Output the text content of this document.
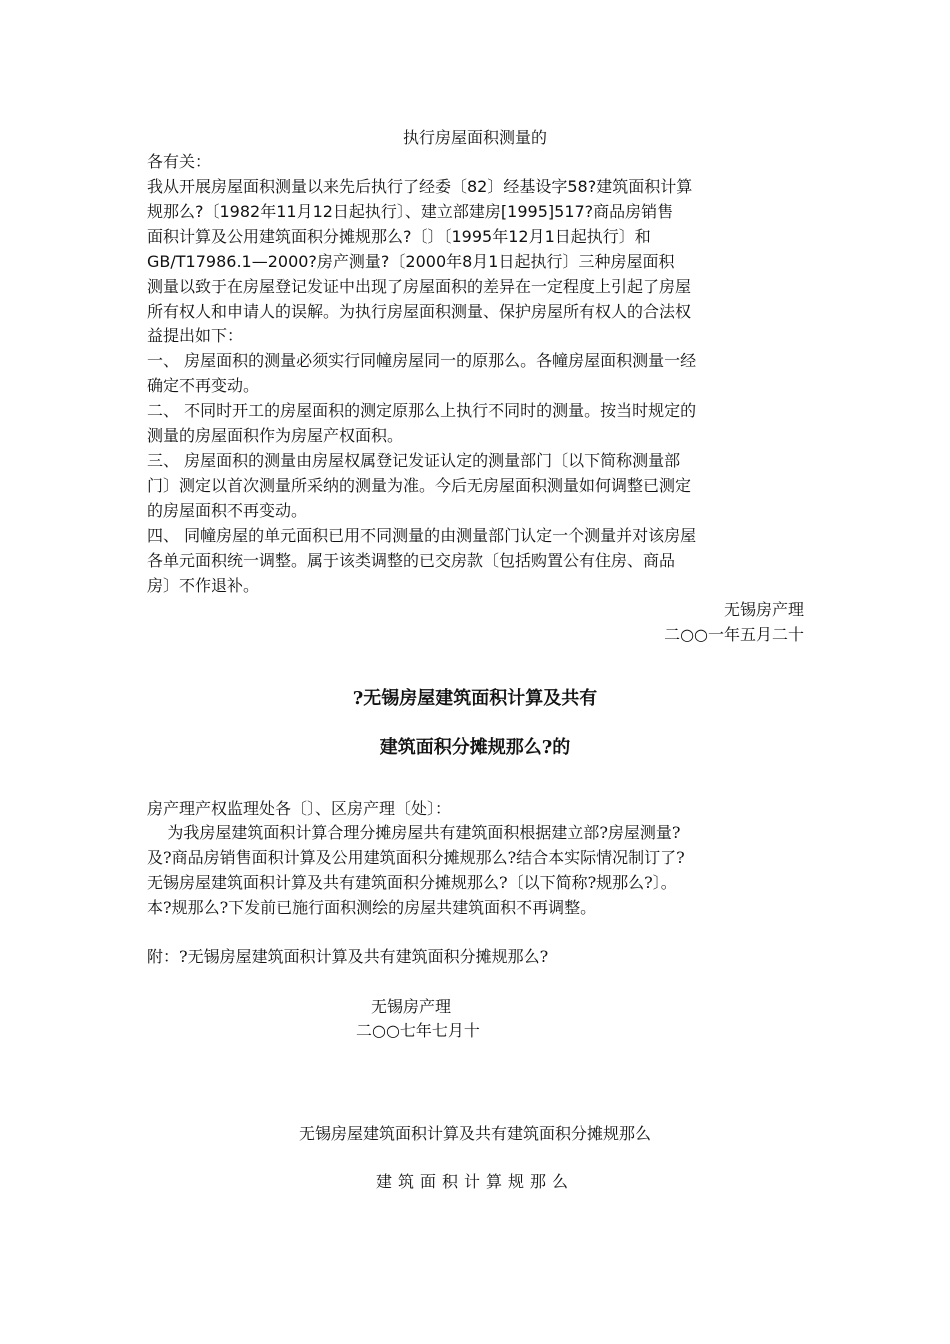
执行房屋面积测量的
各有关：
我从开展房屋面积测量以来先后执行了经委〔82〕经基设字58?建筑面积计算
规那么?〔1982年11月12日起执行〕、建立部建房[1995]517?商品房销售
面积计算及公用建筑面积分摊规那么?〔〕〔1995年12月1日起执行〕和
GB/T17986.1—2000?房产测量?〔2000年8月1日起执行〕三种房屋面积
测量以致于在房屋登记发证中出现了房屋面积的差异在一定程度上引起了房屋
所有权人和申请人的误解。为执行房屋面积测量、保护房屋所有权人的合法权
益提出如下：
一、 房屋面积的测量必须实行同幢房屋同一的原那么。各幢房屋面积测量一经
确定不再变动。
二、 不同时开工的房屋面积的测定原那么上执行不同时的测量。按当时规定的
测量的房屋面积作为房屋产权面积。
三、 房屋面积的测量由房屋权属登记发证认定的测量部门〔以下简称测量部
门〕测定以首次测量所采纳的测量为准。今后无房屋面积测量如何调整已测定
的房屋面积不再变动。
四、 同幢房屋的单元面积已用不同测量的由测量部门认定一个测量并对该房屋
各单元面积统一调整。属于该类调整的已交房款〔包括购置公有住房、商品
房〕不作退补。
无锡房产理
二○○一年五月二十
?无锡房屋建筑面积计算及共有
建筑面积分摊规那么?的
房产理产权监理处各〔〕、区房产理〔处〕：
为我房屋建筑面积计算合理分摊房屋共有建筑面积根据建立部?房屋测量?
及?商品房销售面积计算及公用建筑面积分摊规那么?结合本实际情况制订了?
无锡房屋建筑面积计算及共有建筑面积分摊规那么?〔以下简称?规那么?〕。
本?规那么?下发前已施行面积测绘的房屋共建筑面积不再调整。
附：?无锡房屋建筑面积计算及共有建筑面积分摊规那么?
无锡房产理
二○○七年七月十
无锡房屋建筑面积计算及共有建筑面积分摊规那么
建筑面积计算规那么
